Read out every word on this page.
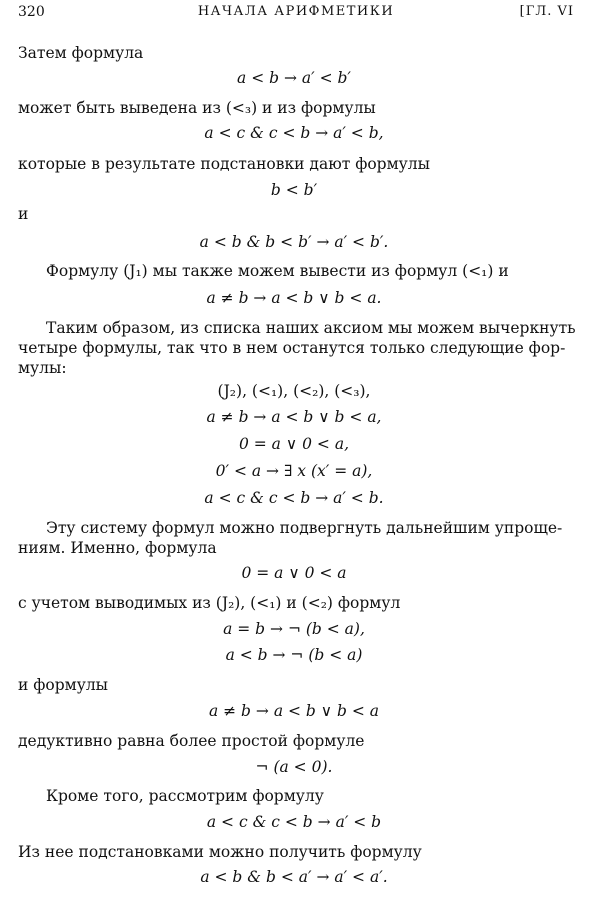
320	НАЧАЛА АРИФМЕТИКИ	[ГЛ. VI
Затем формула
a < b → a′ < b′
может быть выведена из (<₃) и из формулы
a < c & c < b → a′ < b,
которые в результате подстановки дают формулы
b < b′
и
a < b & b < b′ → a′ < b′.
Формулу (J₁) мы также можем вывести из формул (<₁) и
a ≠ b → a < b ∨ b < a.
Таким образом, из списка наших аксиом мы можем вычеркнуть
четыре формулы, так что в нем останутся только следующие фор-
мулы:
(J₂), (<₁), (<₂), (<₃),
a ≠ b → a < b ∨ b < a,
0 = a ∨ 0 < a,
0′ < a → ∃ x (x′ = a),
a < c & c < b → a′ < b.
Эту систему формул можно подвергнуть дальнейшим упроще-
ниям. Именно, формула
0 = a ∨ 0 < a
с учетом выводимых из (J₂), (<₁) и (<₂) формул
a = b → ¬ (b < a),
a < b → ¬ (b < a)
и формулы
a ≠ b → a < b ∨ b < a
дедуктивно равна более простой формуле
¬ (a < 0).
Кроме того, рассмотрим формулу
a < c & c < b → a′ < b
Из нее подстановками можно получить формулу
a < b & b < a′ → a′ < a′.
